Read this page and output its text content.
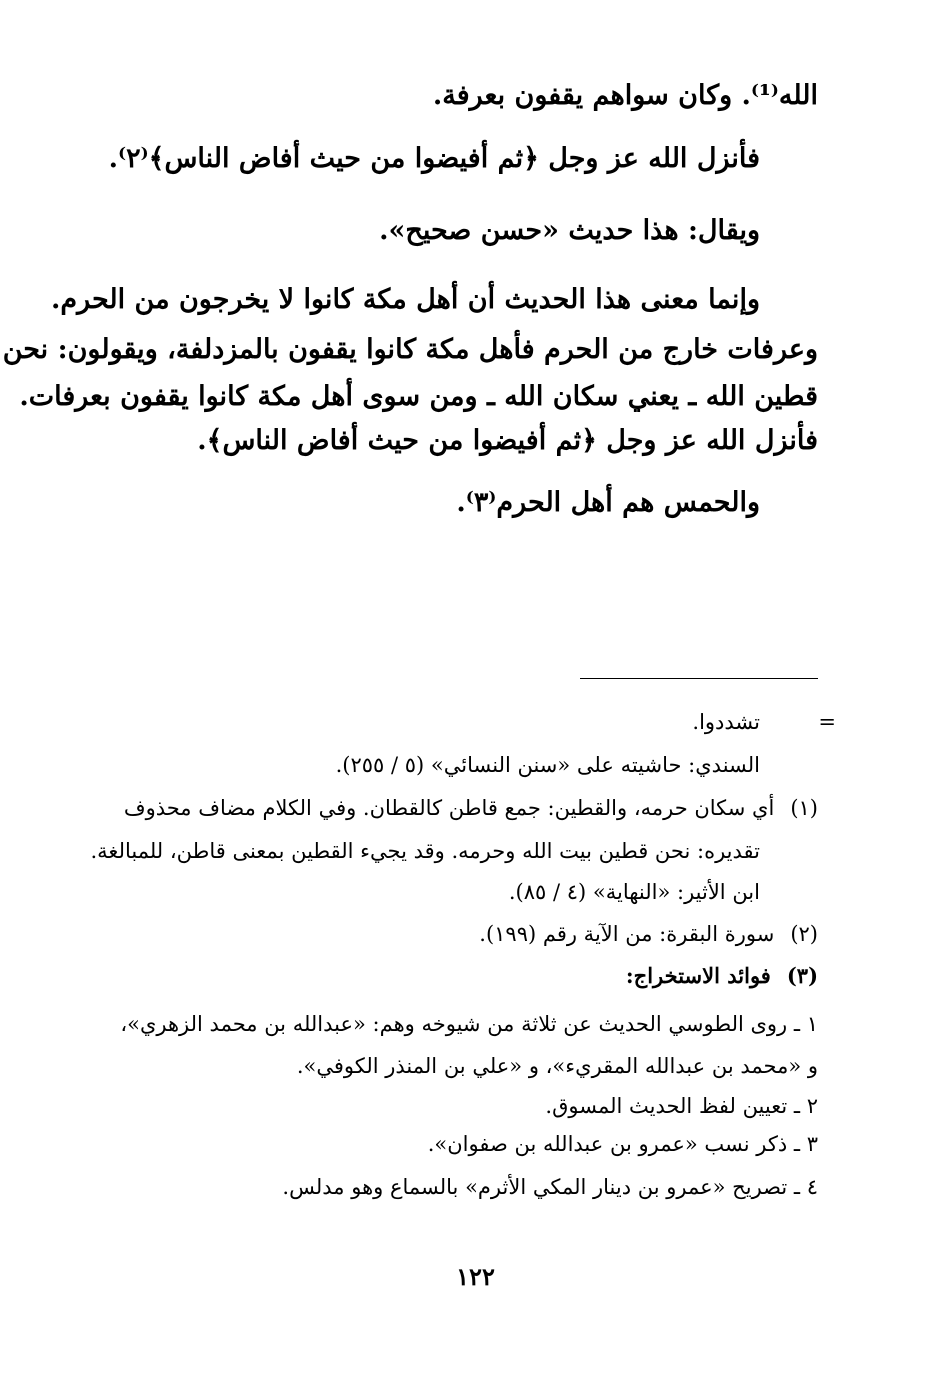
الله⁽¹⁾. وكان سواهم يقفون بعرفة.
فأنزل الله عز وجل ﴿ثم أفيضوا من حيث أفاض الناس﴾⁽٢⁾.
ويقال: هذا حديث «حسن صحيح».
وإنما معنى هذا الحديث أن أهل مكة كانوا لا يخرجون من الحرم.
وعرفات خارج من الحرم فأهل مكة كانوا يقفون بالمزدلفة، ويقولون: نحن
قطين الله ـ يعني سكان الله ـ ومن سوى أهل مكة كانوا يقفون بعرفات.
فأنزل الله عز وجل ﴿ثم أفيضوا من حيث أفاض الناس﴾.
والحمس هم أهل الحرم⁽٣⁾.
=
تشددوا.
السندي: حاشيته على «سنن النسائي» (٥ / ٢٥٥).
(١)أي سكان حرمه، والقطين: جمع قاطن كالقطان. وفي الكلام مضاف محذوف
تقديره: نحن قطين بيت الله وحرمه. وقد يجيء القطين بمعنى قاطن، للمبالغة.
ابن الأثير: «النهاية» (٤ / ٨٥).
(٢)سورة البقرة: من الآية رقم (١٩٩).
(٣)فوائد الاستخراج:
١ ـ روى الطوسي الحديث عن ثلاثة من شيوخه وهم: «عبدالله بن محمد الزهري»،
و «محمد بن عبدالله المقريء»، و «علي بن المنذر الكوفي».
٢ ـ تعيين لفظ الحديث المسوق.
٣ ـ ذكر نسب «عمرو بن عبدالله بن صفوان».
٤ ـ تصريح «عمرو بن دينار المكي الأثرم» بالسماع وهو مدلس.
١٢٢
